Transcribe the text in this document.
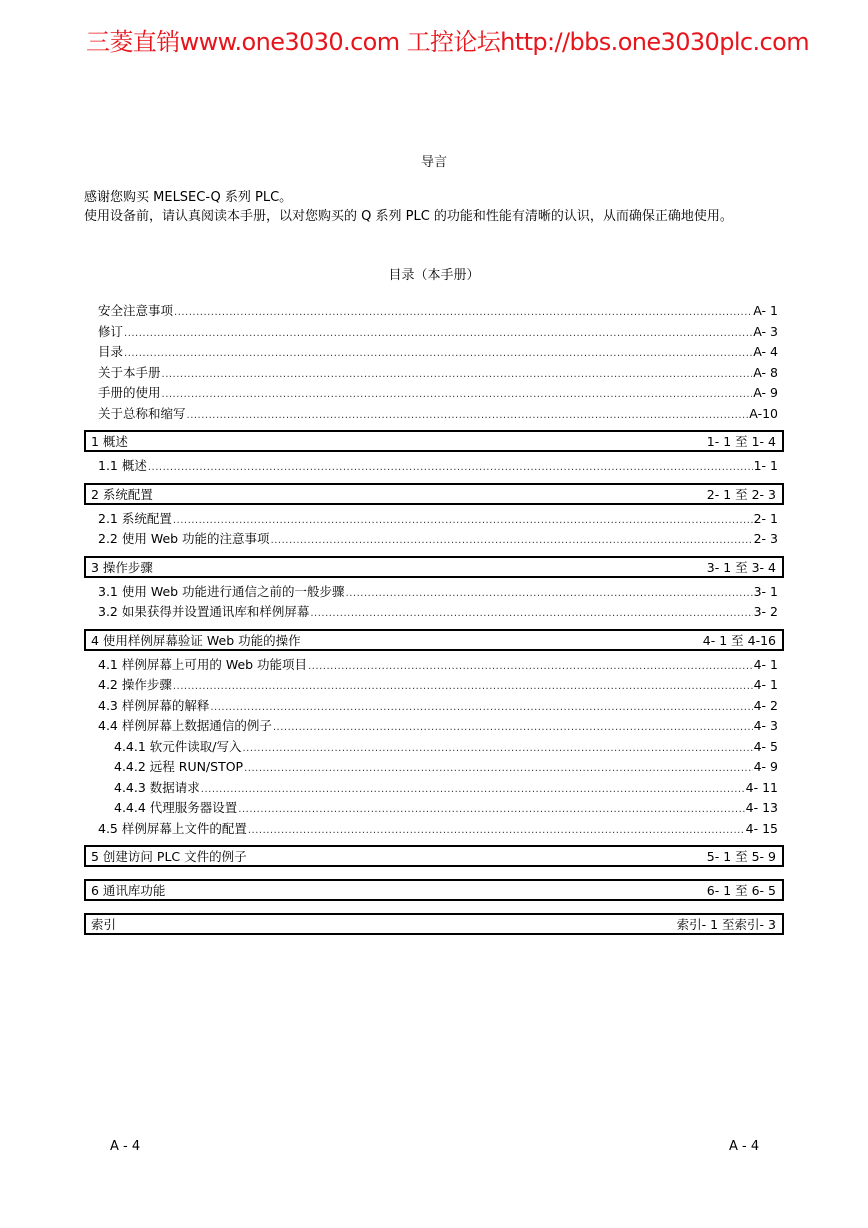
三菱直销www.one3030.com 工控论坛http://bbs.one3030plc.com
导言
感谢您购买 MELSEC-Q 系列 PLC。
使用设备前，请认真阅读本手册，以对您购买的 Q 系列 PLC 的功能和性能有清晰的认识，从而确保正确地使用。
目录（本手册）
安全注意事项 .....	A- 1
修订 .....	A- 3
目录 .....	A- 4
关于本手册 .....	A- 8
手册的使用 .....	A- 9
关于总称和缩写 .....	A-10
1 概述	1- 1 至 1- 4
1.1 概述 .....	1- 1
2 系统配置	2- 1 至 2- 3
2.1 系统配置 .....	2- 1
2.2 使用 Web 功能的注意事项 .....	2- 3
3 操作步骤	3- 1 至 3- 4
3.1 使用 Web 功能进行通信之前的一般步骤 .....	3- 1
3.2 如果获得并设置通讯库和样例屏幕 .....	3- 2
4 使用样例屏幕验证 Web 功能的操作	4- 1 至 4-16
4.1 样例屏幕上可用的 Web 功能项目 .....	4- 1
4.2 操作步骤 .....	4- 1
4.3 样例屏幕的解释 .....	4- 2
4.4 样例屏幕上数据通信的例子 .....	4- 3
4.4.1 软元件读取/写入 .....	4- 5
4.4.2 远程 RUN/STOP .....	4- 9
4.4.3 数据请求 .....	4- 11
4.4.4 代理服务器设置 .....	4- 13
4.5 样例屏幕上文件的配置 .....	4- 15
5 创建访问 PLC 文件的例子	5- 1 至 5- 9
6 通讯库功能	6- 1 至 6- 5
索引	索引- 1 至索引- 3
A - 4	A - 4
